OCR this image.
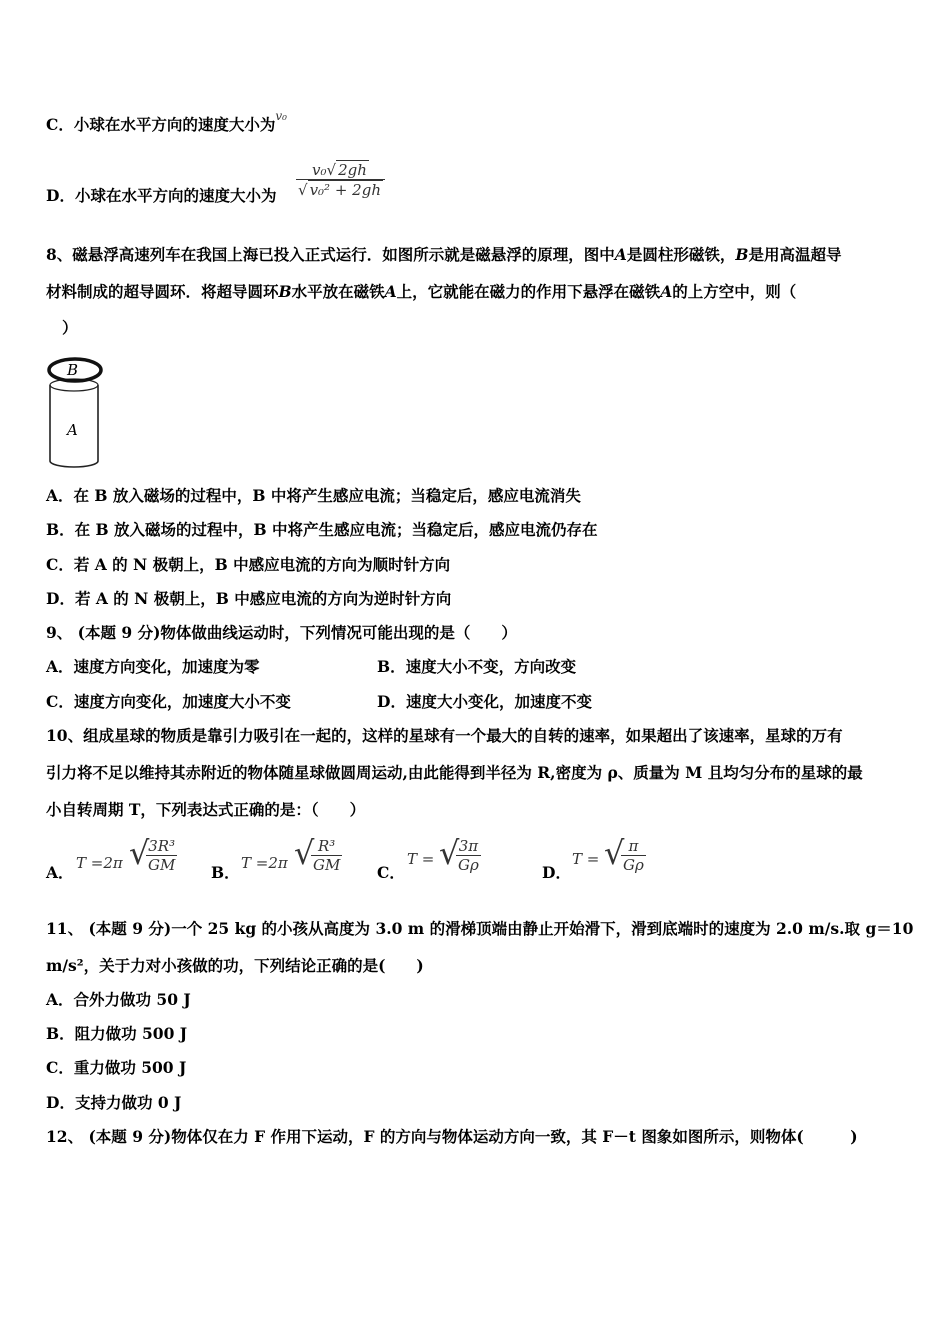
C．小球在水平方向的速度大小为$^{v_0}$
D．小球在水平方向的速度大小为 $\frac{\text{v₀√ 2gh}}{\text{√ v₀² + 2gh}}$
8、磁悬浮高速列车在我国上海已投入正式运行．如图所示就是磁悬浮的原理，图中A是圆柱形磁铁，B是用高温超导
材料制成的超导圆环．将超导圆环B水平放在磁铁A上，它就能在磁力的作用下悬浮在磁铁A的上方空中，则（
）
B
A
A．在 B 放入磁场的过程中，B 中将产生感应电流；当稳定后，感应电流消失
B．在 B 放入磁场的过程中，B 中将产生感应电流；当稳定后，感应电流仍存在
C．若 A 的 N 极朝上，B 中感应电流的方向为顺时针方向
D．若 A 的 N 极朝上，B 中感应电流的方向为逆时针方向
9、 (本题 9 分)物体做曲线运动时，下列情况可能出现的是（　　）
A．速度方向变化，加速度为零	B．速度大小不变，方向改变
C．速度方向变化，加速度大小不变	D．速度大小变化，加速度不变
10、组成星球的物质是靠引力吸引在一起的，这样的星球有一个最大的自转的速率，如果超出了该速率，星球的万有
引力将不足以维持其赤附近的物体随星球做圆周运动,由此能得到半径为 R,密度为 ρ、质量为 M 且均匀分布的星球的最
小自转周期 T，下列表达式正确的是：（　　）
A． T =2π √
$\frac{\text{3R³}}{GM}$ B． T =2π √
$\frac{\text{R³}}{GM}$ C．
T = √
$\frac{3\pi}{G\rho}$	D．
T = √
$\frac{\pi}{G\rho}$
11、 (本题 9 分)一个 25 kg 的小孩从高度为 3.0 m 的滑梯顶端由静止开始滑下，滑到底端时的速度为 2.0 m/s.取 g＝10
m/s²，关于力对小孩做的功，下列结论正确的是(　　)
A．合外力做功 50 J
B．阻力做功 500 J
C．重力做功 500 J
D．支持力做功 0 J
12、 (本题 9 分)物体仅在力 F 作用下运动，F 的方向与物体运动方向一致，其 F－t 图象如图所示，则物体(　　　)
